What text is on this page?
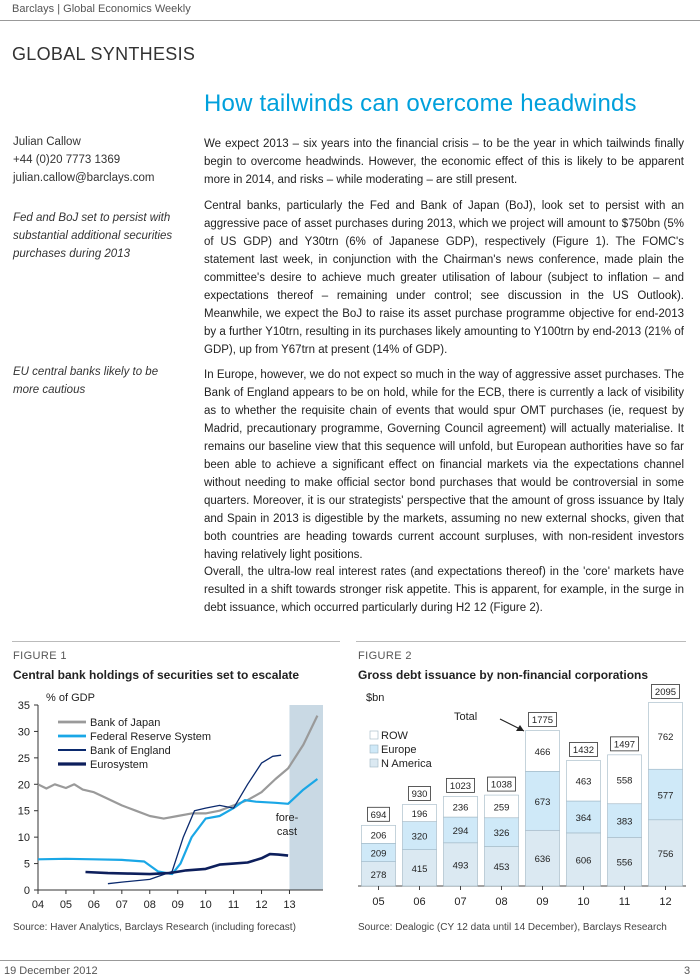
Barclays | Global Economics Weekly
GLOBAL SYNTHESIS
How tailwinds can overcome headwinds
Julian Callow
+44 (0)20 7773 1369
julian.callow@barclays.com
Fed and BoJ set to persist with substantial additional securities purchases during 2013
EU central banks likely to be more cautious
We expect 2013 – six years into the financial crisis – to be the year in which tailwinds finally begin to overcome headwinds. However, the economic effect of this is likely to be apparent more in 2014, and risks – while moderating – are still present.
Central banks, particularly the Fed and Bank of Japan (BoJ), look set to persist with an aggressive pace of asset purchases during 2013, which we project will amount to $750bn (5% of US GDP) and Y30trn (6% of Japanese GDP), respectively (Figure 1). The FOMC's statement last week, in conjunction with the Chairman's news conference, made plain the committee's desire to achieve much greater utilisation of labour (subject to inflation – and expectations thereof – remaining under control; see discussion in the US Outlook). Meanwhile, we expect the BoJ to raise its asset purchase programme objective for end-2013 by a further Y10trn, resulting in its purchases likely amounting to Y100trn by end-2013 (21% of GDP), up from Y67trn at present (14% of GDP).
In Europe, however, we do not expect so much in the way of aggressive asset purchases. The Bank of England appears to be on hold, while for the ECB, there is currently a lack of visibility as to whether the requisite chain of events that would spur OMT purchases (ie, request by Madrid, precautionary programme, Governing Council agreement) will actually materialise. It remains our baseline view that this sequence will unfold, but European authorities have so far been able to achieve a significant effect on financial markets via the expectations channel without needing to make official sector bond purchases that would be controversial in some quarters. Moreover, it is our strategists' perspective that the amount of gross issuance by Italy and Spain in 2013 is digestible by the markets, assuming no new external shocks, given that both countries are heading towards current account surpluses, with non-resident investors having relatively light positions.
Overall, the ultra-low real interest rates (and expectations thereof) in the 'core' markets have resulted in a shift towards stronger risk appetite. This is apparent, for example, in the surge in debt issuance, which occurred particularly during H2 12 (Figure 2).
FIGURE 1
Central bank holdings of securities set to escalate
fore-
cast
0
5
10
15
20
25
30
35
04 05 06 07 08 09 10 11 12 13
% of GDP
Bank of Japan
Federal Reserve System
Bank of England
Eurosystem
Source: Haver Analytics, Barclays Research (including forecast)
FIGURE 2
Gross debt issuance by non-financial corporations
$bn
278
209
206
694
05
415
320
196
930
06
493
294
236
1023
07
453
326
259
1038
08
636
673
466
1775
09
606
364
463
1432
10
556
383
558
1497
11
756
577
762
2095
12
Total
ROW
Europe
N America
Source: Dealogic (CY 12 data until 14 December), Barclays Research
19 December 2012	3
